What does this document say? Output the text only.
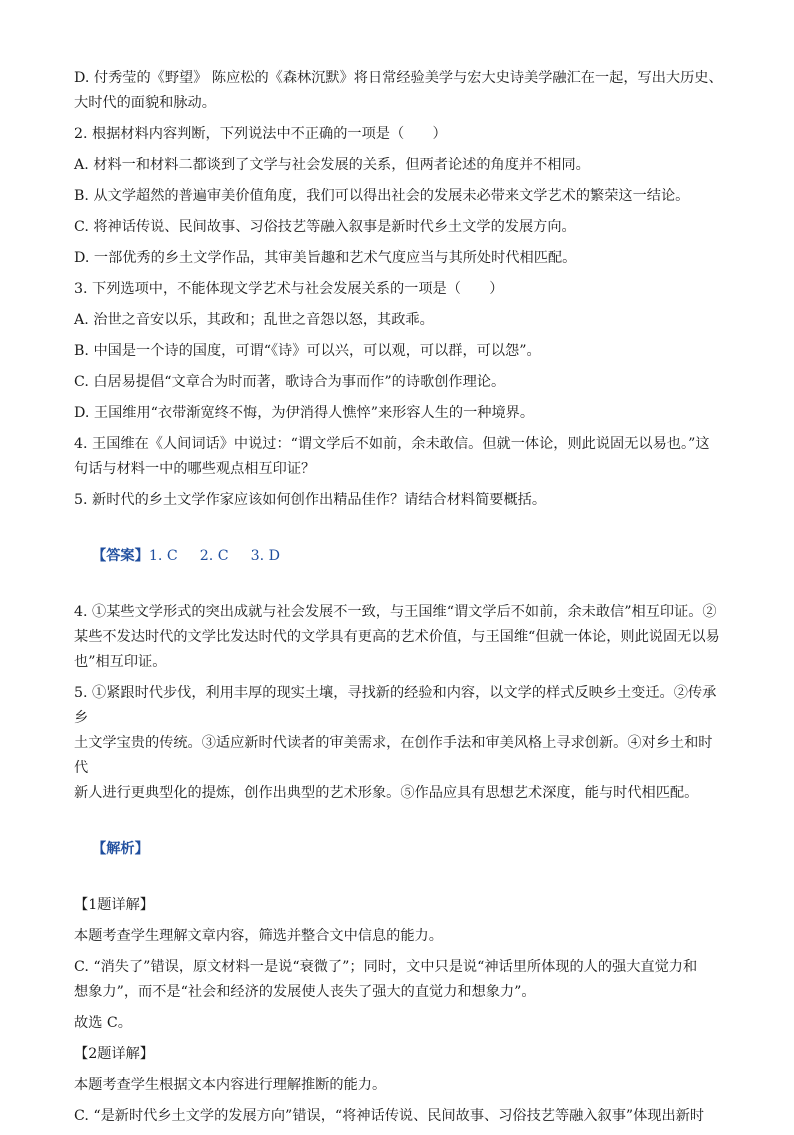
D. 付秀莹的《野望》 陈应松的《森林沉默》将日常经验美学与宏大史诗美学融汇在一起，写出大历史、

大时代的面貌和脉动。

2. 根据材料内容判断，下列说法中不正确的一项是（　　）

A. 材料一和材料二都谈到了文学与社会发展的关系，但两者论述的角度并不相同。

B. 从文学超然的普遍审美价值角度，我们可以得出社会的发展未必带来文学艺术的繁荣这一结论。

C. 将神话传说、民间故事、习俗技艺等融入叙事是新时代乡土文学的发展方向。

D. 一部优秀的乡土文学作品，其审美旨趣和艺术气度应当与其所处时代相匹配。

3. 下列选项中，不能体现文学艺术与社会发展关系的一项是（　　）

A. 治世之音安以乐，其政和；乱世之音怨以怒，其政乖。

B. 中国是一个诗的国度，可谓“《诗》可以兴，可以观，可以群，可以怨”。

C. 白居易提倡“文章合为时而著，歌诗合为事而作”的诗歌创作理论。

D. 王国维用“衣带渐宽终不悔，为伊消得人憔悴”来形容人生的一种境界。

4. 王国维在《人间词话》中说过：“谓文学后不如前，余未敢信。但就一体论，则此说固无以易也。”这

句话与材料一中的哪些观点相互印证？

5. 新时代的乡土文学作家应该如何创作出精品佳作？请结合材料简要概括。

【答案】1. C 2. C 3. D

4. ①某些文学形式的突出成就与社会发展不一致，与王国维“谓文学后不如前，余未敢信”相互印证。②

某些不发达时代的文学比发达时代的文学具有更高的艺术价值，与王国维“但就一体论，则此说固无以易

也”相互印证。

5. ①紧跟时代步伐，利用丰厚的现实土壤，寻找新的经验和内容，以文学的样式反映乡土变迁。②传承乡

土文学宝贵的传统。③适应新时代读者的审美需求，在创作手法和审美风格上寻求创新。④对乡土和时代

新人进行更典型化的提炼，创作出典型的艺术形象。⑤作品应具有思想艺术深度，能与时代相匹配。

【解析】

【1题详解】

本题考查学生理解文章内容，筛选并整合文中信息的能力。

C. “消失了”错误，原文材料一是说“衰微了”；同时，文中只是说“神话里所体现的人的强大直觉力和

想象力”，而不是“社会和经济的发展使人丧失了强大的直觉力和想象力”。

故选 C。

【2题详解】

本题考查学生根据文本内容进行理解推断的能力。

C. “是新时代乡土文学的发展方向”错误，“将神话传说、民间故事、习俗技艺等融入叙事”体现出新时
